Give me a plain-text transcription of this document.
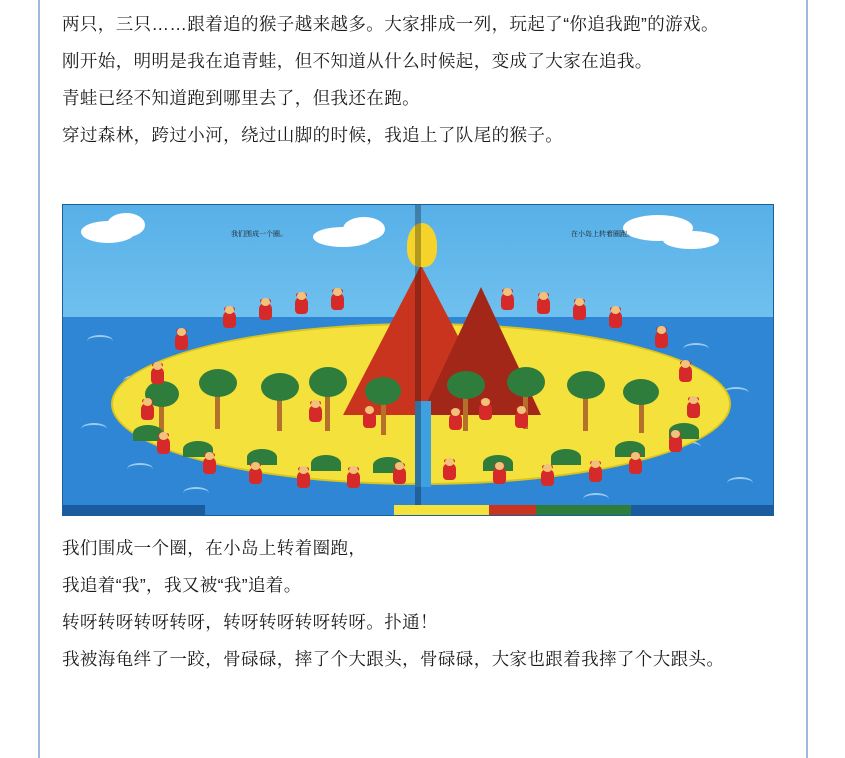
两只，三只……跟着追的猴子越来越多。大家排成一列，玩起了“你追我跑”的游戏。

刚开始，明明是我在追青蛙，但不知道从什么时候起，变成了大家在追我。

青蛙已经不知道跑到哪里去了，但我还在跑。

穿过森林，跨过小河，绕过山脚的时候，我追上了队尾的猴子。

我们围成一个圈。	在小岛上转着圈跑。

我们围成一个圈，在小岛上转着圈跑，

我追着“我”，我又被“我”追着。

转呀转呀转呀转呀，转呀转呀转呀转呀。扑通！

我被海龟绊了一跤，骨碌碌，摔了个大跟头，骨碌碌，大家也跟着我摔了个大跟头。
